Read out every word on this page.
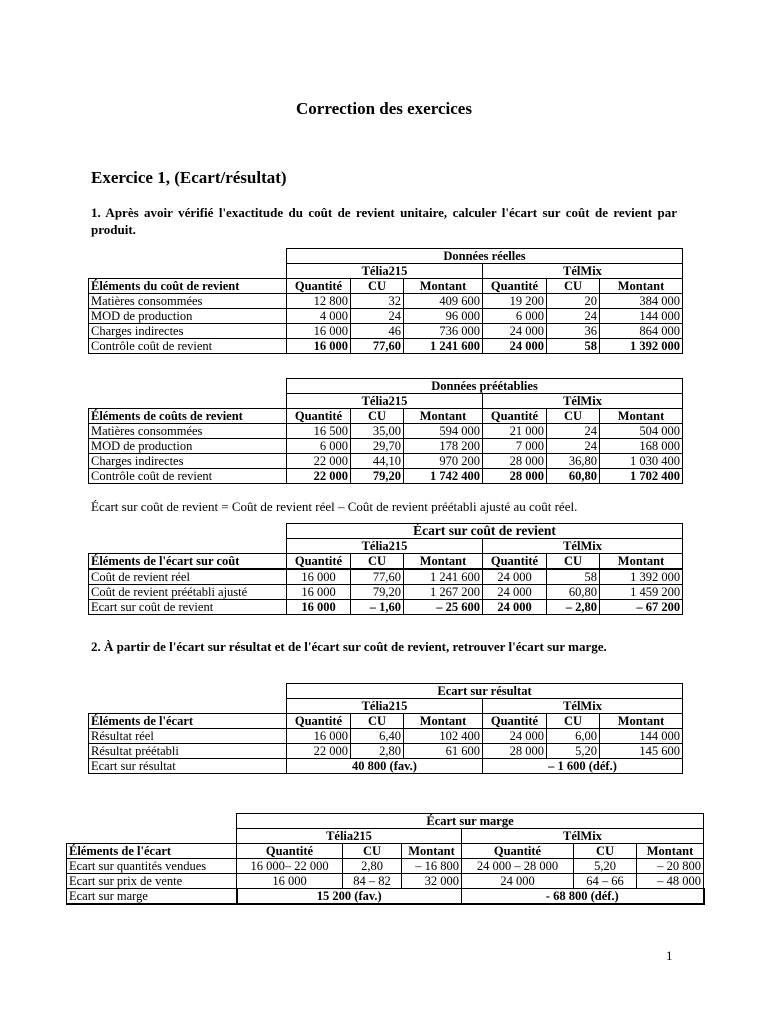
Correction des exercices
Exercice 1, (Ecart/résultat)
1. Après avoir vérifié l'exactitude du coût de revient unitaire, calculer l'écart sur coût de revient par produit.
	Données réelles					
	Télia215			TélMix		
Éléments du coût de revient	Quantité	CU	Montant	Quantité	CU	Montant
Matières consommées	12 800	32	409 600	19 200	20	384 000
MOD de production	4 000	24	96 000	6 000	24	144 000
Charges indirectes	16 000	46	736 000	24 000	36	864 000
Contrôle coût de revient	16 000	77,60	1 241 600	24 000	58	1 392 000
	Données préétablies					
	Télia215			TélMix		
Éléments de coûts de revient	Quantité	CU	Montant	Quantité	CU	Montant
Matières consommées	16 500	35,00	594 000	21 000	24	504 000
MOD de production	6 000	29,70	178 200	7 000	24	168 000
Charges indirectes	22 000	44,10	970 200	28 000	36,80	1 030 400
Contrôle coût de revient	22 000	79,20	1 742 400	28 000	60,80	1 702 400
Écart sur coût de revient = Coût de revient réel – Coût de revient préétabli ajusté au coût réel.
	Écart sur coût de revient					
	Télia215			TélMix		
Éléments de l'écart sur coût	Quantité	CU	Montant	Quantité	CU	Montant
Coût de revient réel	16 000	77,60	1 241 600	24 000	58	1 392 000
Coût de revient préétabli ajusté	16 000	79,20	1 267 200	24 000	60,80	1 459 200
Ecart sur coût de revient	16 000	– 1,60	– 25 600	24 000	– 2,80	– 67 200
2. À partir de l'écart sur résultat et de l'écart sur coût de revient, retrouver l'écart sur marge.
	Ecart sur résultat					
	Télia215			TélMix		
Éléments de l'écart	Quantité	CU	Montant	Quantité	CU	Montant
Résultat réel	16 000	6,40	102 400	24 000	6,00	144 000
Résultat préétabli	22 000	2,80	61 600	28 000	5,20	145 600
Ecart sur résultat	40 800 (fav.)			– 1 600 (déf.)		
	Écart sur marge					
	Télia215			TélMix		
Éléments de l'écart	Quantité	CU	Montant	Quantité	CU	Montant
Ecart sur quantités vendues	16 000– 22 000	2,80	– 16 800	24 000 – 28 000	5,20	– 20 800
Ecart sur prix de vente	16 000	84 – 82	32 000	24 000	64 – 66	– 48 000
Ecart sur marge	15 200 (fav.)			- 68 800 (déf.)		
1
